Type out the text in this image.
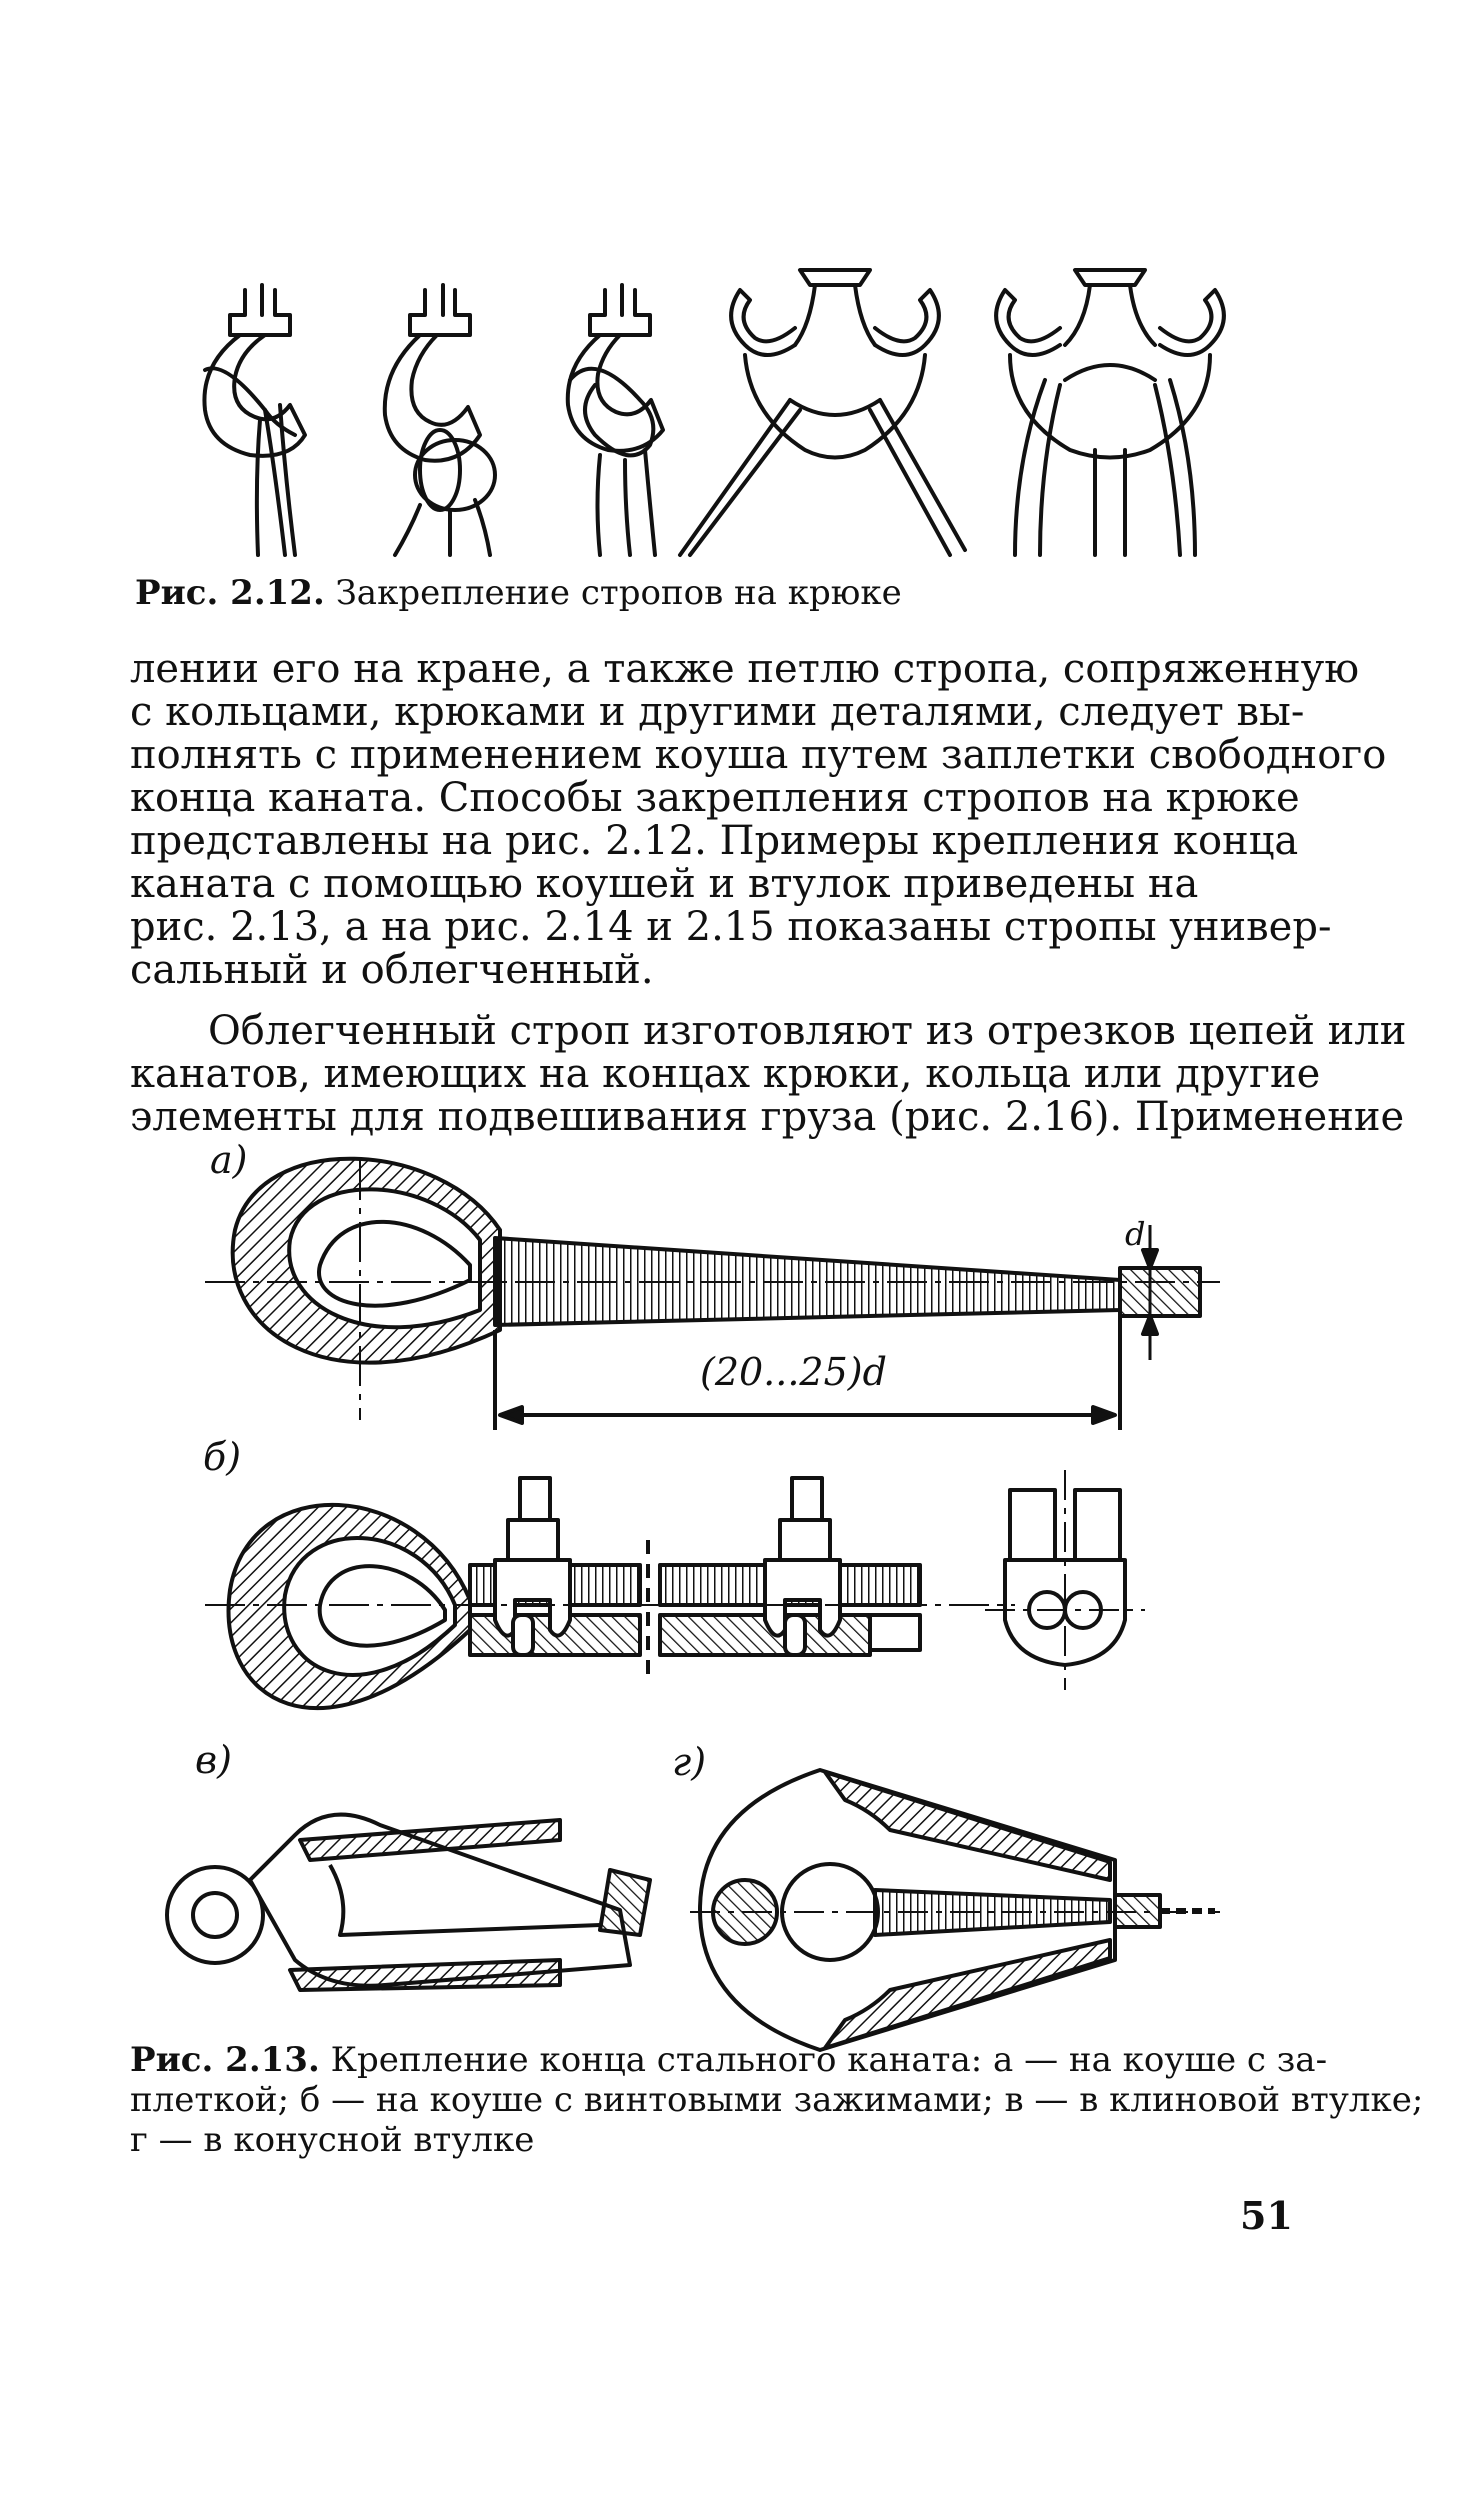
Рис. 2.12. Закрепление стропов на крюке

лении его на кране, а также петлю стропа, сопряженную
с кольцами, крюками и другими деталями, следует вы-
полнять с применением коуша путем заплетки свободного
конца каната. Способы закрепления стропов на крюке
представлены на рис. 2.12. Примеры крепления конца
каната с помощью коушей и втулок приведены на
рис. 2.13, а на рис. 2.14 и 2.15 показаны стропы универ-
сальный и облегченный.

Облегченный строп изготовляют из отрезков цепей или
канатов, имеющих на концах крюки, кольца или другие
элементы для подвешивания груза (рис. 2.16). Применение

а)
б)
в)	г)
(20...25)d
d
Рис. 2.13. Крепление конца стального каната: а — на коуше с за-
плеткой; б — на коуше с винтовыми зажимами; в — в клиновой втулке;
г — в конусной втулке
51
